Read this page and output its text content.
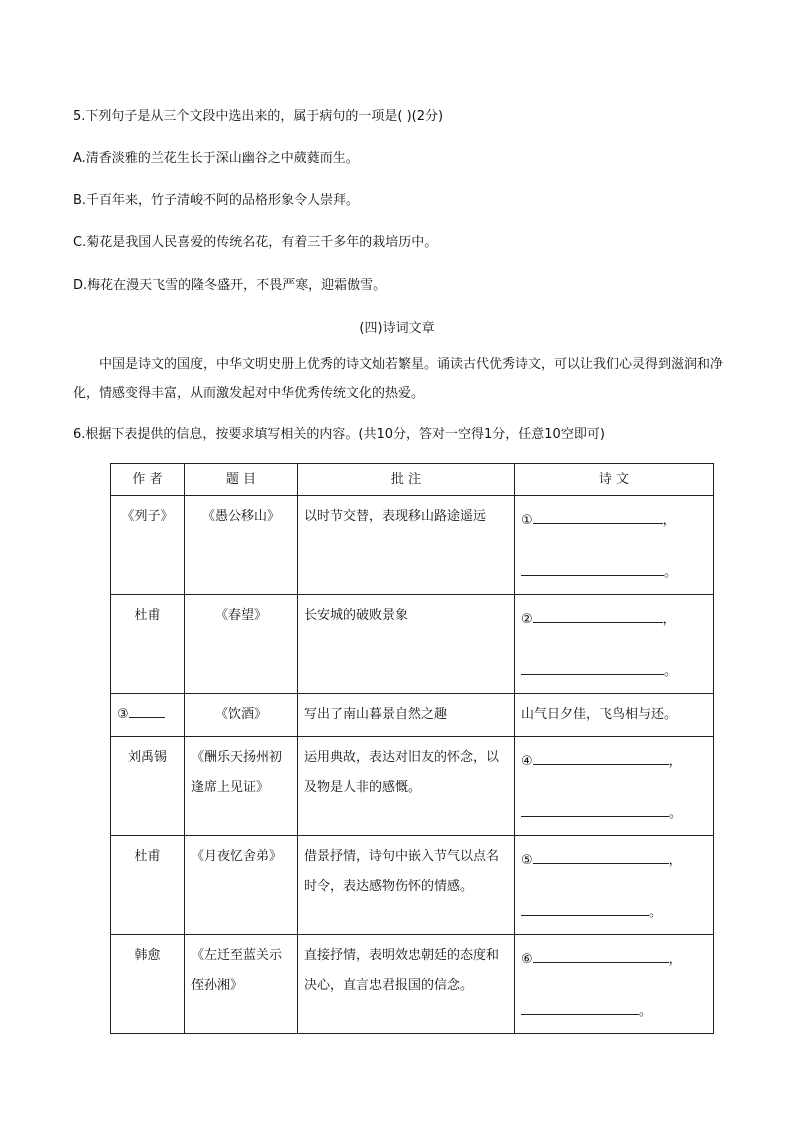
5.下列句子是从三个文段中选出来的，属于病句的一项是( )(2分)
A.清香淡雅的兰花生长于深山幽谷之中葳蕤而生。
B.千百年来，竹子清峻不阿的品格形象令人崇拜。
C.菊花是我国人民喜爱的传统名花，有着三千多年的栽培历中。
D.梅花在漫天飞雪的隆冬盛开，不畏严寒，迎霜傲雪。
(四)诗词文章
中国是诗文的国度，中华文明史册上优秀的诗文灿若繁星。诵读古代优秀诗文，可以让我们心灵得到滋润和净化，情感变得丰富，从而激发起对中华优秀传统文化的热爱。
6.根据下表提供的信息，按要求填写相关的内容。(共10分，答对一空得1分，任意10空即可)
作 者	题 目	批 注	诗 文
《列子》	《愚公移山》	以时节交替，表现移山路途遥远	① ，
。

杜甫	《春望》	长安城的破败景象	② ，
。

③	《饮酒》	写出了南山暮景自然之趣	山气日夕佳，飞鸟相与还。
刘禹锡	《酬乐天扬州初逢席上见证》	运用典故，表达对旧友的怀念，以及物是人非的感慨。	④ ，
。

杜甫	《月夜忆舍弟》	借景抒情，诗句中嵌入节气以点名时令，表达感物伤怀的情感。	⑤ ，
。

韩愈	《左迁至蓝关示侄孙湘》	直接抒情，表明效忠朝廷的态度和决心，直言忠君报国的信念。	⑥ ，
。
